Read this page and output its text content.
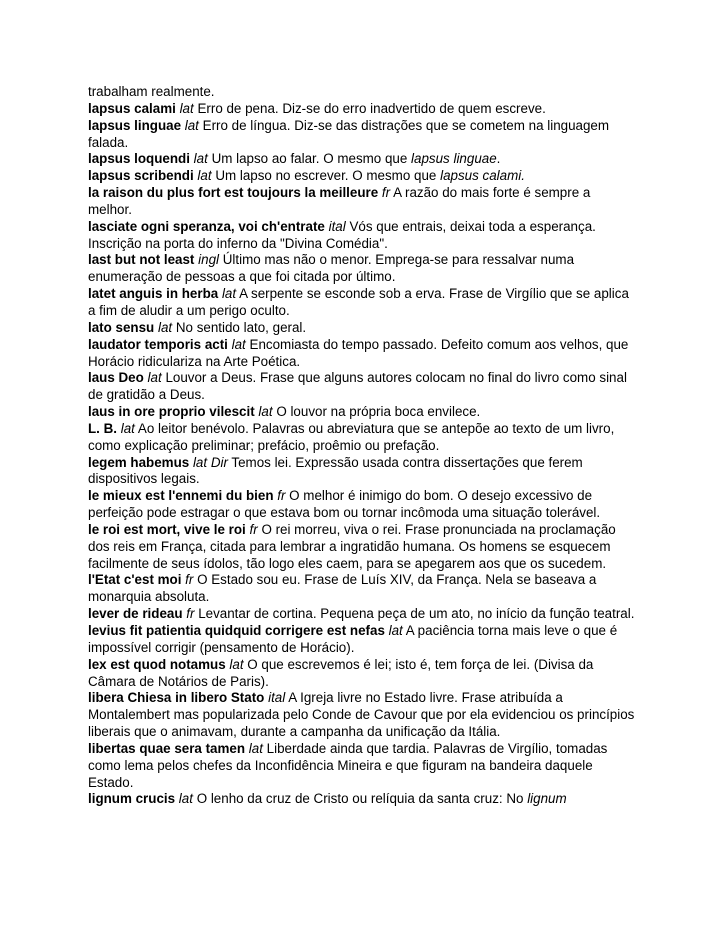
trabalham realmente.

lapsus calami lat Erro de pena. Diz-se do erro inadvertido de quem escreve.

lapsus linguae lat Erro de língua. Diz-se das distrações que se cometem na linguagem falada.

lapsus loquendi lat Um lapso ao falar. O mesmo que lapsus linguae.

lapsus scribendi lat Um lapso no escrever. O mesmo que lapsus calami.

la raison du plus fort est toujours la meilleure fr A razão do mais forte é sempre a melhor.

lasciate ogni speranza, voi ch'entrate ital Vós que entrais, deixai toda a esperança. Inscrição na porta do inferno da "Divina Comédia".

last but not least ingl Último mas não o menor. Emprega-se para ressalvar numa enumeração de pessoas a que foi citada por último.

latet anguis in herba lat A serpente se esconde sob a erva. Frase de Virgílio que se aplica a fim de aludir a um perigo oculto.

lato sensu lat No sentido lato, geral.

laudator temporis acti lat Encomiasta do tempo passado. Defeito comum aos velhos, que Horácio ridiculariza na Arte Poética.

laus Deo lat Louvor a Deus. Frase que alguns autores colocam no final do livro como sinal de gratidão a Deus.

laus in ore proprio vilescit lat O louvor na própria boca envilece.

L. B. lat Ao leitor benévolo. Palavras ou abreviatura que se antepõe ao texto de um livro, como explicação preliminar; prefácio, proêmio ou prefação.

legem habemus lat Dir Temos lei. Expressão usada contra dissertações que ferem dispositivos legais.

le mieux est l'ennemi du bien fr O melhor é inimigo do bom. O desejo excessivo de perfeição pode estragar o que estava bom ou tornar incômoda uma situação tolerável.

le roi est mort, vive le roi fr O rei morreu, viva o rei. Frase pronunciada na proclamação dos reis em França, citada para lembrar a ingratidão humana. Os homens se esquecem facilmente de seus ídolos, tão logo eles caem, para se apegarem aos que os sucedem.

l'Etat c'est moi fr O Estado sou eu. Frase de Luís XIV, da França. Nela se baseava a monarquia absoluta.

lever de rideau fr Levantar de cortina. Pequena peça de um ato, no início da função teatral.

levius fit patientia quidquid corrigere est nefas lat A paciência torna mais leve o que é impossível corrigir (pensamento de Horácio).

lex est quod notamus lat O que escrevemos é lei; isto é, tem força de lei. (Divisa da Câmara de Notários de Paris).

libera Chiesa in libero Stato ital A Igreja livre no Estado livre. Frase atribuída a Montalembert mas popularizada pelo Conde de Cavour que por ela evidenciou os princípios liberais que o animavam, durante a campanha da unificação da Itália.

libertas quae sera tamen lat Liberdade ainda que tardia. Palavras de Virgílio, tomadas como lema pelos chefes da Inconfidência Mineira e que figuram na bandeira daquele Estado.

lignum crucis lat O lenho da cruz de Cristo ou relíquia da santa cruz: No lignum
